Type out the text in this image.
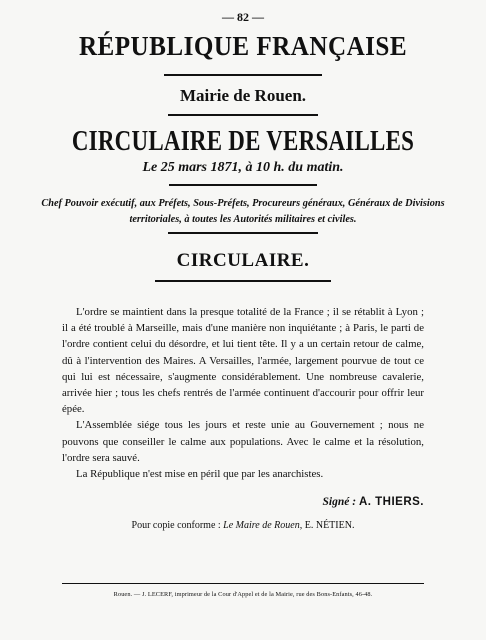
— 82 —
RÉPUBLIQUE FRANÇAISE
Mairie de Rouen.
CIRCULAIRE DE VERSAILLES
Le 25 mars 1871, à 10 h. du matin.
Chef Pouvoir exécutif, aux Préfets, Sous-Préfets, Procureurs généraux, Généraux de Divisions territoriales, à toutes les Autorités militaires et civiles.
CIRCULAIRE.

L'ordre se maintient dans la presque totalité de la France ; il se rétablit à Lyon ; il a été troublé à Marseille, mais d'une manière non inquiétante ; à Paris, le parti de l'ordre contient celui du désordre, et lui tient tête. Il y a un certain retour de calme, dû à l'intervention des Maires. A Versailles, l'armée, largement pourvue de tout ce qui lui est nécessaire, s'augmente considérablement. Une nombreuse cavalerie, arrivée hier ; tous les chefs rentrés de l'armée continuent d'accourir pour offrir leur épée.

L'Assemblée siége tous les jours et reste unie au Gouvernement ; nous ne pouvons que conseiller le calme aux populations. Avec le calme et la résolution, l'ordre sera sauvé.

La République n'est mise en péril que par les anarchistes.

Signé : A. THIERS.
Pour copie conforme : Le Maire de Rouen, E. NÉTIEN.
Rouen. — J. LECERF, imprimeur de la Cour d'Appel et de la Mairie, rue des Bons-Enfants, 46-48.
